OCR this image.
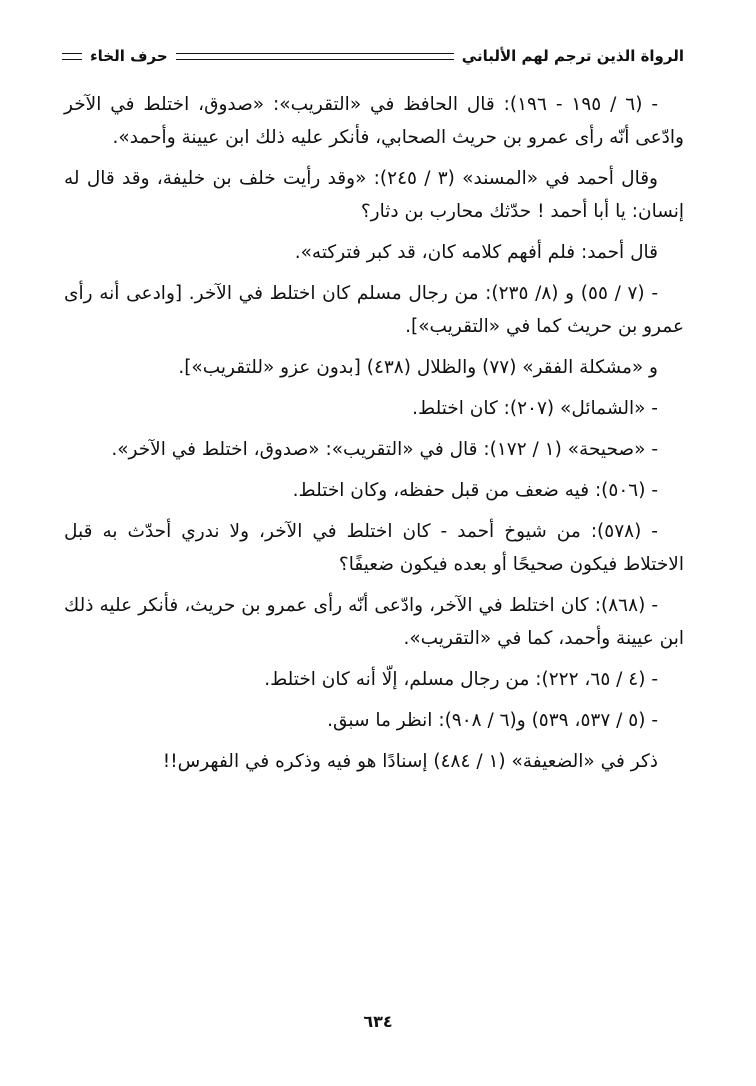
الرواة الذين ترجم لهم الألباني
حرف الخاء

- (٦ / ١٩٥ - ١٩٦): قال الحافظ في «التقريب»: «صدوق، اختلط في الآخر وادّعى أنّه رأى عمرو بن حريث الصحابي، فأنكر عليه ذلك ابن عيينة وأحمد».

وقال أحمد في «المسند» (٣ / ٢٤٥): «وقد رأيت خلف بن خليفة، وقد قال له إنسان: يا أبا أحمد ! حدّثك محارب بن دثار؟

قال أحمد: فلم أفهم كلامه كان، قد كبر فتركته».

- (٧ / ٥٥) و (٨/ ٢٣٥): من رجال مسلم كان اختلط في الآخر. [وادعى أنه رأى عمرو بن حريث كما في «التقريب»].

و «مشكلة الفقر» (٧٧) والظلال (٤٣٨) [بدون عزو «للتقريب»].

- «الشمائل» (٢٠٧): كان اختلط.

- «صحيحة» (١ / ١٧٢): قال في «التقريب»: «صدوق، اختلط في الآخر».

- (٥٠٦): فيه ضعف من قبل حفظه، وكان اختلط.

- (٥٧٨): من شيوخ أحمد - كان اختلط في الآخر، ولا ندري أحدّث به قبل الاختلاط فيكون صحيحًا أو بعده فيكون ضعيفًا؟

- (٨٦٨): كان اختلط في الآخر، وادّعى أنّه رأى عمرو بن حريث، فأنكر عليه ذلك ابن عيينة وأحمد، كما في «التقريب».

- (٤ / ٦٥، ٢٢٢): من رجال مسلم، إلّا أنه كان اختلط.

- (٥ / ٥٣٧، ٥٣٩) و(٦ / ٩٠٨): انظر ما سبق.

ذكر في «الضعيفة» (١ / ٤٨٤) إسنادًا هو فيه وذكره في الفهرس!!

٦٣٤
